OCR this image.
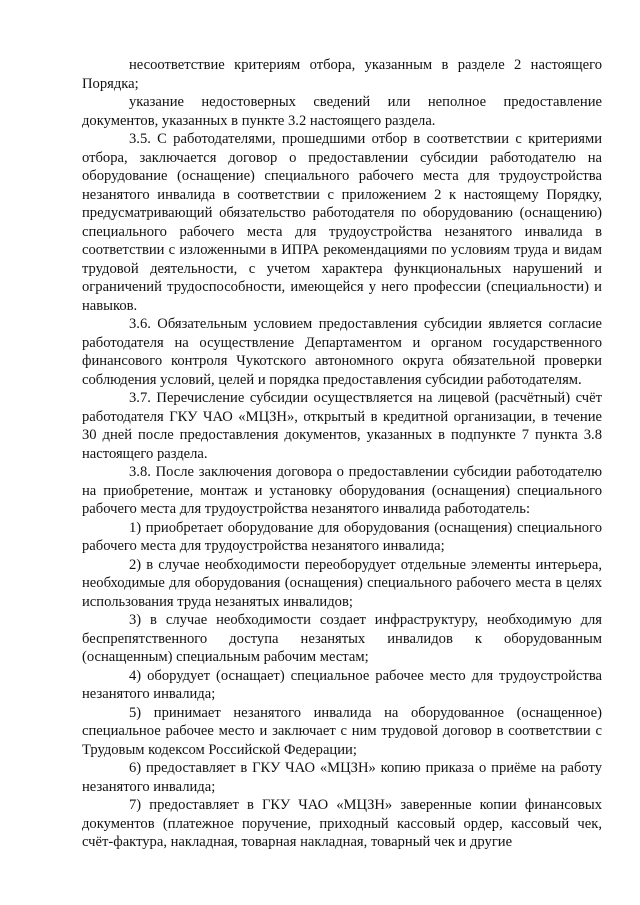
несоответствие критериям отбора, указанным в разделе 2 настоящего Порядка;

указание недостоверных сведений или неполное предоставление документов, указанных в пункте 3.2 настоящего раздела.

3.5. С работодателями, прошедшими отбор в соответствии с критериями отбора, заключается договор о предоставлении субсидии работодателю на оборудование (оснащение) специального рабочего места для трудоустройства незанятого инвалида в соответствии с приложением 2 к настоящему Порядку, предусматривающий обязательство работодателя по оборудованию (оснащению) специального рабочего места для трудоустройства незанятого инвалида в соответствии с изложенными в ИПРА рекомендациями по условиям труда и видам трудовой деятельности, с учетом характера функциональных нарушений и ограничений трудоспособности, имеющейся у него профессии (специальности) и навыков.

3.6. Обязательным условием предоставления субсидии является согласие работодателя на осуществление Департаментом и органом государственного финансового контроля Чукотского автономного округа обязательной проверки соблюдения условий, целей и порядка предоставления субсидии работодателям.

3.7. Перечисление субсидии осуществляется на лицевой (расчётный) счёт работодателя ГКУ ЧАО «МЦЗН», открытый в кредитной организации, в течение 30 дней после предоставления документов, указанных в подпункте 7 пункта 3.8 настоящего раздела.

3.8. После заключения договора о предоставлении субсидии работодателю на приобретение, монтаж и установку оборудования (оснащения) специального рабочего места для трудоустройства незанятого инвалида работодатель:

1) приобретает оборудование для оборудования (оснащения) специального рабочего места для трудоустройства незанятого инвалида;

2) в случае необходимости переоборудует отдельные элементы интерьера, необходимые для оборудования (оснащения) специального рабочего места в целях использования труда незанятых инвалидов;

3) в случае необходимости создает инфраструктуру, необходимую для беспрепятственного доступа незанятых инвалидов к оборудованным (оснащенным) специальным рабочим местам;

4) оборудует (оснащает) специальное рабочее место для трудоустройства незанятого инвалида;

5) принимает незанятого инвалида на оборудованное (оснащенное) специальное рабочее место и заключает с ним трудовой договор в соответствии с Трудовым кодексом Российской Федерации;

6) предоставляет в ГКУ ЧАО «МЦЗН» копию приказа о приёме на работу незанятого инвалида;

7) предоставляет в ГКУ ЧАО «МЦЗН» заверенные копии финансовых документов (платежное поручение, приходный кассовый ордер, кассовый чек, счёт-фактура, накладная, товарная накладная, товарный чек и другие
